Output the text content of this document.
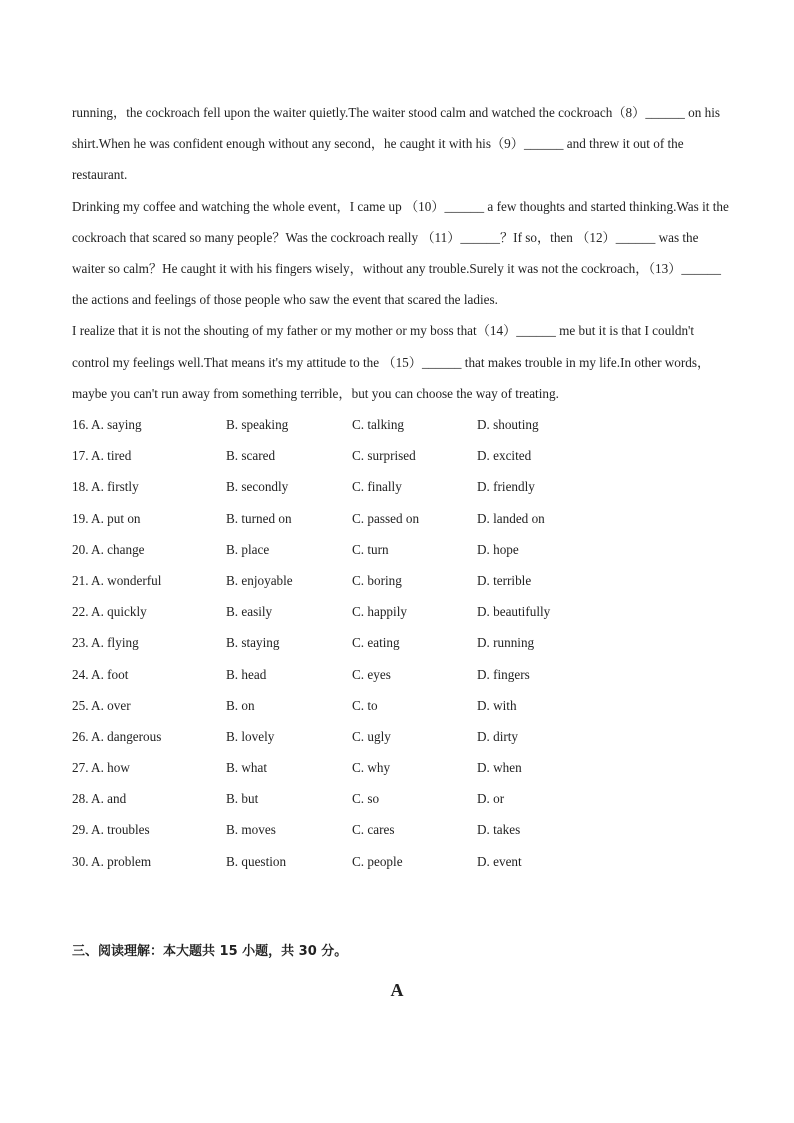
running，the cockroach fell upon the waiter quietly.The waiter stood calm and watched the cockroach（8）______ on his shirt.When he was confident enough without any second，he caught it with his（9）______ and threw it out of the restaurant.

Drinking my coffee and watching the whole event，I came up （10）______ a few thoughts and started thinking.Was it the cockroach that scared so many people？Was the cockroach really （11）______？If so，then （12）______ was the waiter so calm？He caught it with his fingers wisely，without any trouble.Surely it was not the cockroach，（13）______ the actions and feelings of those people who saw the event that scared the ladies.

I realize that it is not the shouting of my father or my mother or my boss that（14）______ me but it is that I couldn't control my feelings well.That means it's my attitude to the （15）______ that makes trouble in my life.In other words，maybe you can't run away from something terrible，but you can choose the way of treating.

16. A. saying	B. speaking	C. talking	D. shouting
17. A. tired	B. scared	C. surprised	D. excited
18. A. firstly	B. secondly	C. finally	D. friendly
19. A. put on	B. turned on	C. passed on	D. landed on
20. A. change	B. place	C. turn	D. hope
21. A. wonderful	B. enjoyable	C. boring	D. terrible
22. A. quickly	B. easily	C. happily	D. beautifully
23. A. flying	B. staying	C. eating	D. running
24. A. foot	B. head	C. eyes	D. fingers
25. A. over	B. on	C. to	D. with
26. A. dangerous	B. lovely	C. ugly	D. dirty
27. A. how	B. what	C. why	D. when
28. A. and	B. but	C. so	D. or
29. A. troubles	B. moves	C. cares	D. takes
30. A. problem	B. question	C. people	D. event
三、阅读理解：本大题共 15 小题，共 30 分。
A
